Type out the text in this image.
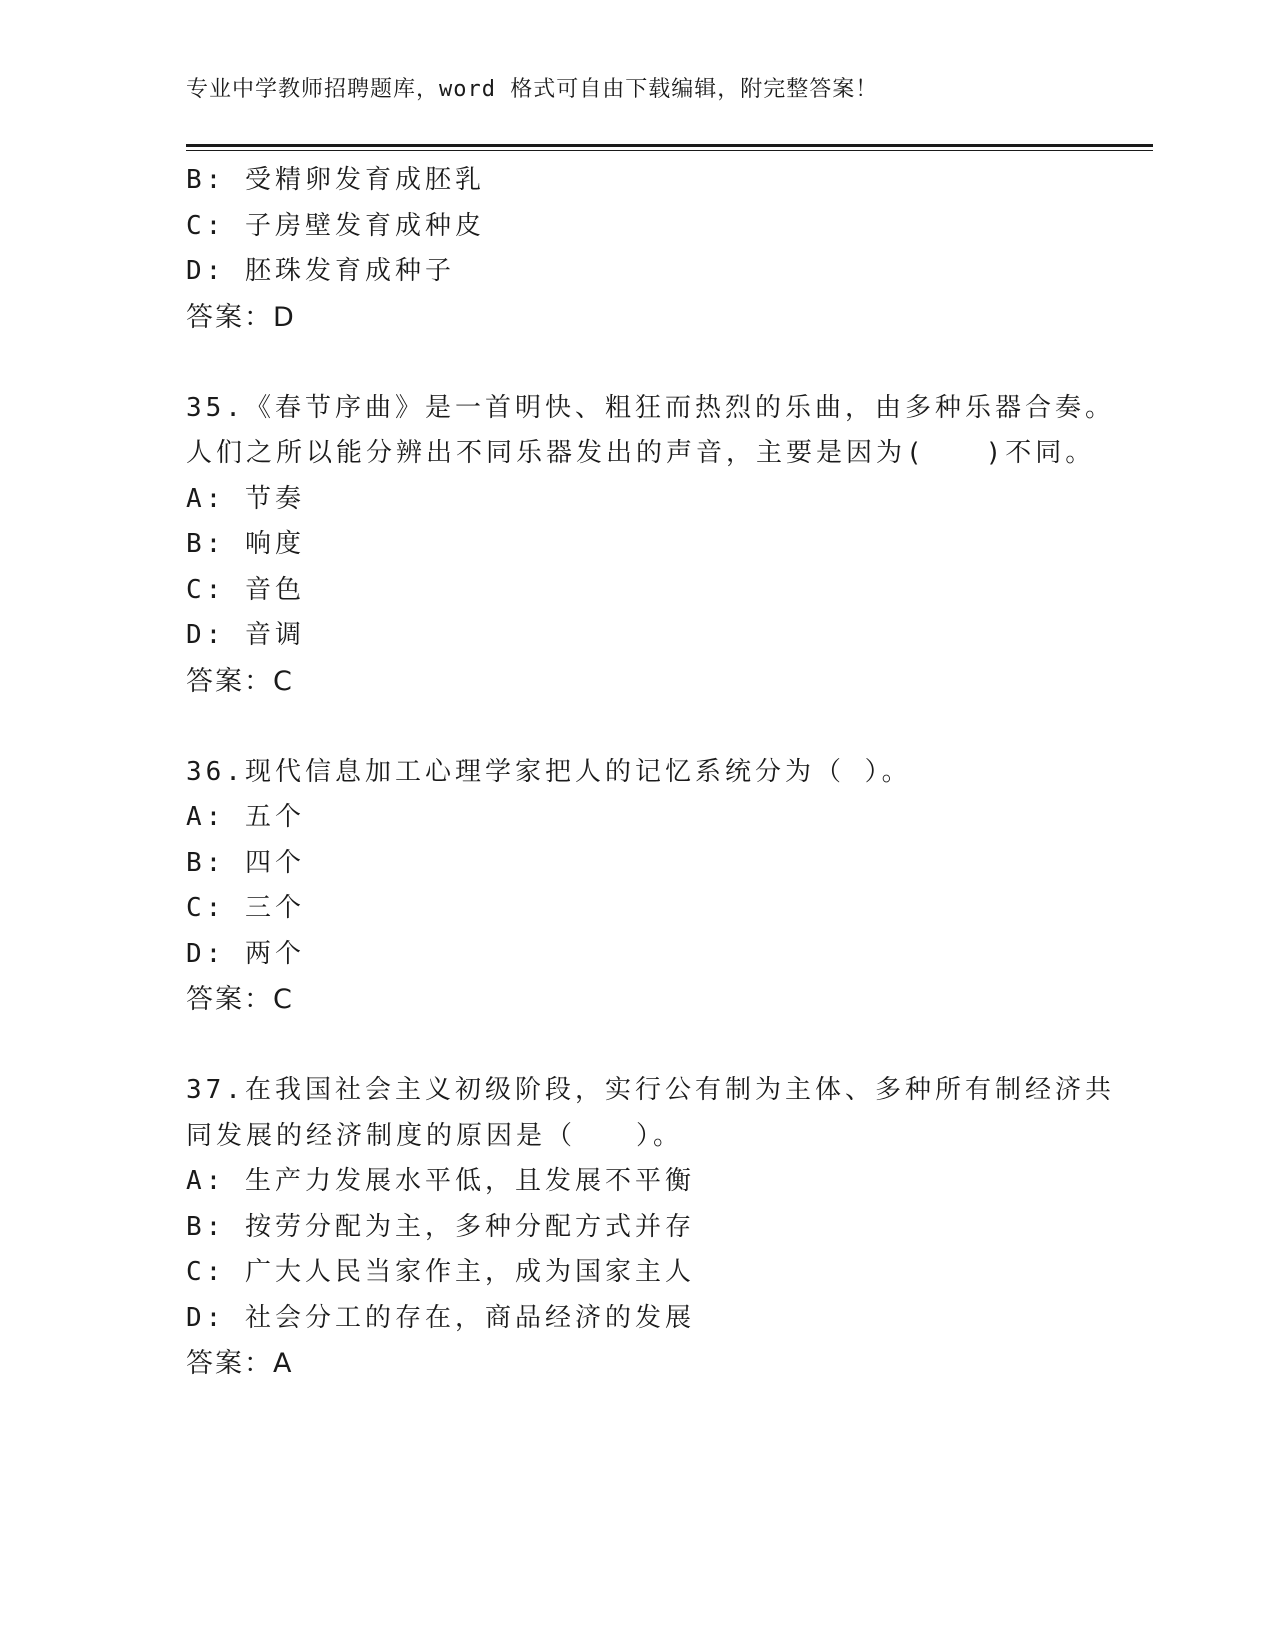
专业中学教师招聘题库，word 格式可自由下载编辑，附完整答案！
B: 受精卵发育成胚乳
C: 子房壁发育成种皮
D: 胚珠发育成种子
答案：D
35.《春节序曲》是一首明快、粗狂而热烈的乐曲，由多种乐器合奏。
人们之所以能分辨出不同乐器发出的声音，主要是因为(　　)不同。
A: 节奏
B: 响度
C: 音色
D: 音调
答案：C
36.现代信息加工心理学家把人的记忆系统分为（ ）。
A: 五个
B: 四个
C: 三个
D: 两个
答案：C
37.在我国社会主义初级阶段，实行公有制为主体、多种所有制经济共
同发展的经济制度的原因是（　　）。
A: 生产力发展水平低，且发展不平衡
B: 按劳分配为主，多种分配方式并存
C: 广大人民当家作主，成为国家主人
D: 社会分工的存在，商品经济的发展
答案：A
